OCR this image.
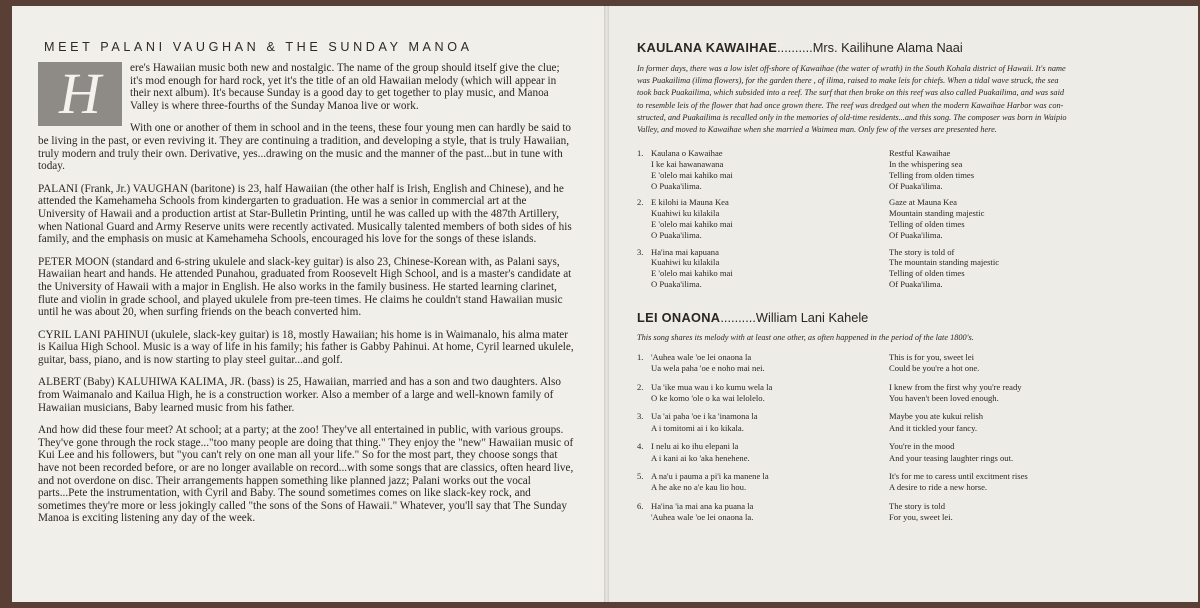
MEET PALANI VAUGHAN & THE SUNDAY MANOA
H	ere's Hawaiian music both new and nostalgic. The name of the group should itself give the clue; it's mod enough for hard rock, yet it's the title of an old Hawaiian melody (which will appear in their next album). It's because Sunday is a good day to get together to play music, and Manoa Valley is where three-fourths of the Sunday Manoa live or work.
With one or another of them in school and in the teens, these four young men can hardly be said to be living in the past, or even reviving it. They are continuing a tradition, and developing a style, that is truly Hawaiian, truly modern and truly their own. Derivative, yes...drawing on the music and the manner of the past...but in tune with today.
PALANI (Frank, Jr.) VAUGHAN (baritone) is 23, half Hawaiian (the other half is Irish, English and Chinese), and he attended the Kamehameha Schools from kindergarten to graduation. He was a senior in commercial art at the University of Hawaii and a production artist at Star-Bulletin Printing, until he was called up with the 487th Artillery, when National Guard and Army Reserve units were recently activated. Musically talented members of both sides of his family, and the emphasis on music at Kamehameha Schools, encouraged his love for the songs of these islands.
PETER MOON (standard and 6-string ukulele and slack-key guitar) is also 23, Chinese-Korean with, as Palani says, Hawaiian heart and hands. He attended Punahou, graduated from Roosevelt High School, and is a master's candidate at the University of Hawaii with a major in English. He also works in the family business. He started learning clarinet, flute and violin in grade school, and played ukulele from pre-teen times. He claims he couldn't stand Hawaiian music until he was about 20, when surfing friends on the beach converted him.
CYRIL LANI PAHINUI (ukulele, slack-key guitar) is 18, mostly Hawaiian; his home is in Waimanalo, his alma mater is Kailua High School. Music is a way of life in his family; his father is Gabby Pahinui. At home, Cyril learned ukulele, guitar, bass, piano, and is now starting to play steel guitar...and golf.
ALBERT (Baby) KALUHIWA KALIMA, JR. (bass) is 25, Hawaiian, married and has a son and two daughters. Also from Waimanalo and Kailua High, he is a construction worker. Also a member of a large and well-known family of Hawaiian musicians, Baby learned music from his father.
And how did these four meet? At school; at a party; at the zoo! They've all entertained in public, with various groups. They've gone through the rock stage..."too many people are doing that thing." They enjoy the "new" Hawaiian music of Kui Lee and his followers, but "you can't rely on one man all your life." So for the most part, they choose songs that have not been recorded before, or are no longer available on record...with some songs that are classics, often heard live, and not overdone on disc. Their arrangements happen something like planned jazz; Palani works out the vocal parts...Pete the instrumentation, with Cyril and Baby. The sound sometimes comes on like slack-key rock, and sometimes they're more or less jokingly called "the sons of the Sons of Hawaii." Whatever, you'll say that The Sunday Manoa is exciting listening any day of the week.
KAULANA KAWAIHAE..........Mrs. Kailihune Alama Naai
In former days, there was a low islet off-shore of Kawaihae (the water of wrath) in the South Kohala district of Hawaii. It's name
was Puakailima (ilima flowers), for the garden there , of ilima, raised to make leis for chiefs. When a tidal wave struck, the sea
took back Puakailima, which subsided into a reef. The surf that then broke on this reef was also called Puakailima, and was said
to resemble leis of the flower that had once grown there. The reef was dredged out when the modern Kawaihae Harbor was con-
structed, and Puakailima is recalled only in the memories of old-time residents...and this song. The composer was born in Waipio
Valley, and moved to Kawaihae when she married a Waimea man. Only few of the verses are presented here.
1. Kaulana o Kawaihae
I ke kai hawanawana
E 'olelo mai kahiko mai
O Puaka'ilima.
Restful Kawaihae
In the whispering sea
Telling from olden times
Of Puaka'ilima.
2. E kilohi ia Mauna Kea
Kuahiwi ku kilakila
E 'olelo mai kahiko mai
O Puaka'ilima.
Gaze at Mauna Kea
Mountain standing majestic
Telling of olden times
Of Puaka'ilima.
3. Ha'ina mai kapuana
Kuahiwi ku kilakila
E 'olelo mai kahiko mai
O Puaka'ilima.
The story is told of
The mountain standing majestic
Telling of olden times
Of Puaka'ilima.
LEI ONAONA..........William Lani Kahele
This song shares its melody with at least one other, as often happened in the period of the late 1800's.
1. 'Auhea wale 'oe lei onaona la
Ua wela paha 'oe e noho mai nei.
This is for you, sweet lei
Could be you're a hot one.
2. Ua 'ike mua wau i ko kumu wela la
O ke komo 'ole o ka wai lelolelo.
I knew from the first why you're ready
You haven't been loved enough.
3. Ua 'ai paha 'oe i ka 'inamona la
A i tomitomi ai i ko kikala.
Maybe you ate kukui relish
And it tickled your fancy.
4. I nelu ai ko ihu elepani la
A i kani ai ko 'aka henehene.
You're in the mood
And your teasing laughter rings out.
5. A na'u i pauma a pi'i ka manene la
A he ake no a'e kau lio hou.
It's for me to caress until excitment rises
A desire to ride a new horse.
6. Ha'ina 'ia mai ana ka puana la
'Auhea wale 'oe lei onaona la.
The story is told
For you, sweet lei.
